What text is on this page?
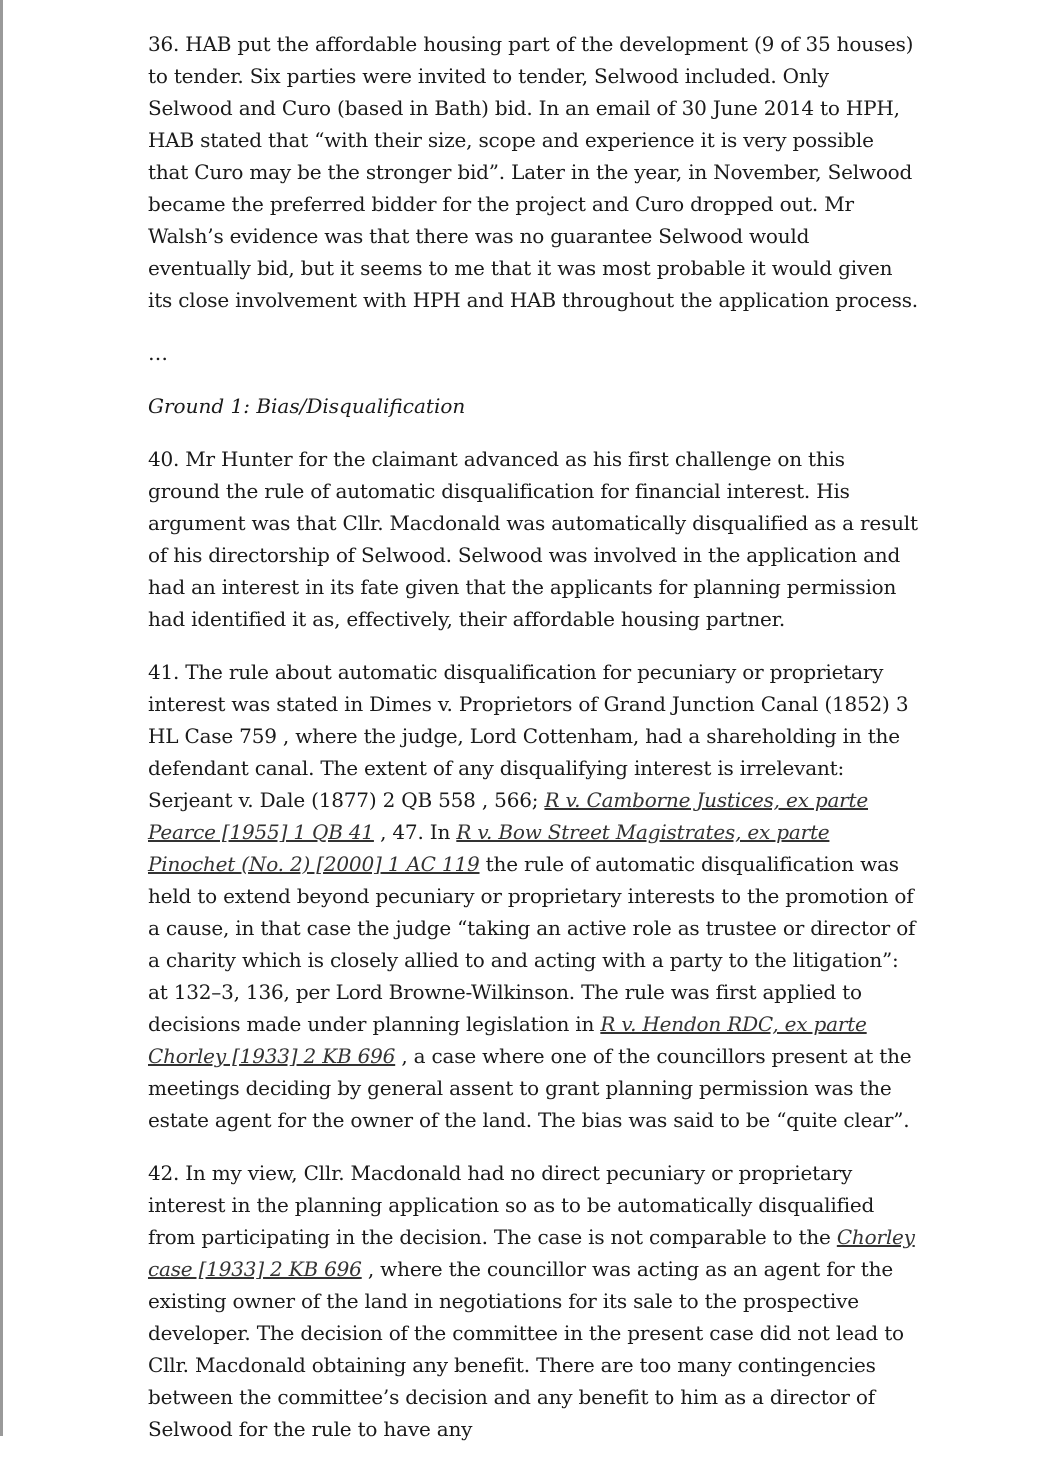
36. HAB put the affordable housing part of the development (9 of 35 houses) to tender. Six parties were invited to tender, Selwood included. Only Selwood and Curo (based in Bath) bid. In an email of 30 June 2014 to HPH, HAB stated that “with their size, scope and experience it is very possible that Curo may be the stronger bid”. Later in the year, in November, Selwood became the preferred bidder for the project and Curo dropped out. Mr Walsh’s evidence was that there was no guarantee Selwood would eventually bid, but it seems to me that it was most probable it would given its close involvement with HPH and HAB throughout the application process.

…

Ground 1: Bias/Disqualification

40. Mr Hunter for the claimant advanced as his first challenge on this ground the rule of automatic disqualification for financial interest. His argument was that Cllr. Macdonald was automatically disqualified as a result of his directorship of Selwood. Selwood was involved in the application and had an interest in its fate given that the applicants for planning permission had identified it as, effectively, their affordable housing partner.

41. The rule about automatic disqualification for pecuniary or proprietary interest was stated in Dimes v. Proprietors of Grand Junction Canal (1852) 3 HL Case 759 , where the judge, Lord Cottenham, had a shareholding in the defendant canal. The extent of any disqualifying interest is irrelevant: Serjeant v. Dale (1877) 2 QB 558 , 566; R v. Camborne Justices, ex parte Pearce [1955] 1 QB 41 , 47. In R v. Bow Street Magistrates, ex parte Pinochet (No. 2) [2000] 1 AC 119 the rule of automatic disqualification was held to extend beyond pecuniary or proprietary interests to the promotion of a cause, in that case the judge “taking an active role as trustee or director of a charity which is closely allied to and acting with a party to the litigation”: at 132–3, 136, per Lord Browne-Wilkinson. The rule was first applied to decisions made under planning legislation in R v. Hendon RDC, ex parte Chorley [1933] 2 KB 696 , a case where one of the councillors present at the meetings deciding by general assent to grant planning permission was the estate agent for the owner of the land. The bias was said to be “quite clear”.

42. In my view, Cllr. Macdonald had no direct pecuniary or proprietary interest in the planning application so as to be automatically disqualified from participating in the decision. The case is not comparable to the Chorley case [1933] 2 KB 696 , where the councillor was acting as an agent for the existing owner of the land in negotiations for its sale to the prospective developer. The decision of the committee in the present case did not lead to Cllr. Macdonald obtaining any benefit. There are too many contingencies between the committee’s decision and any benefit to him as a director of Selwood for the rule to have any
